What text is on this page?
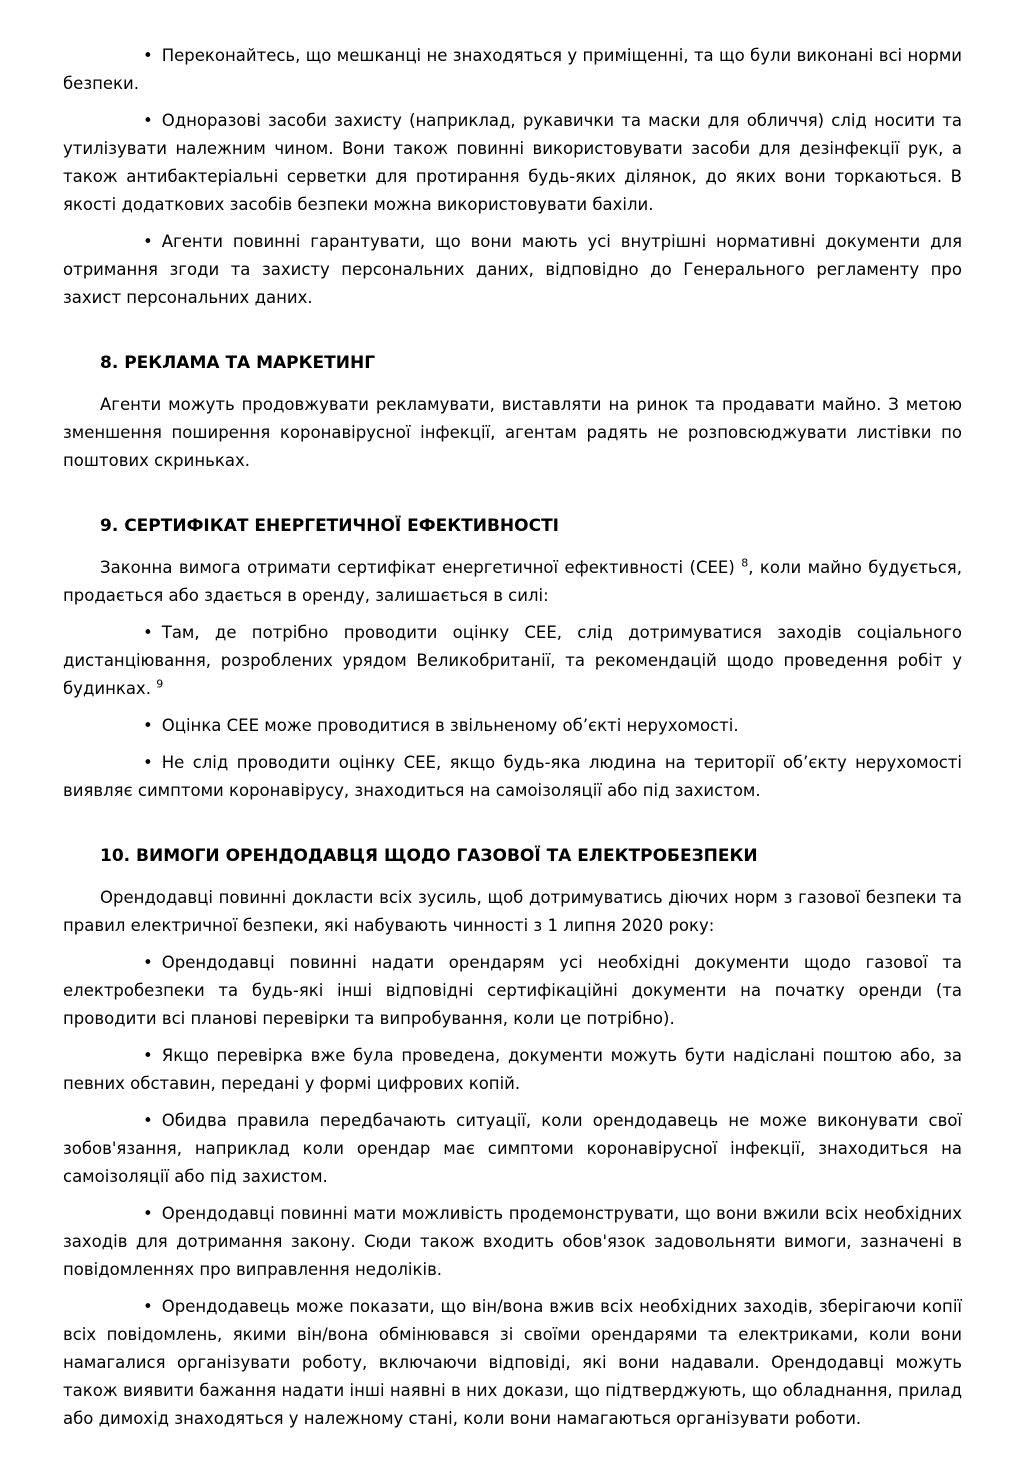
• Переконайтесь, що мешканці не знаходяться у приміщенні, та що були виконані всі норми безпеки.

• Одноразові засоби захисту (наприклад, рукавички та маски для обличчя) слід носити та утилізувати належним чином. Вони також повинні використовувати засоби для дезінфекції рук, а також антибактеріальні серветки для протирання будь-яких ділянок, до яких вони торкаються. В якості додаткових засобів безпеки можна використовувати бахіли.

• Агенти повинні гарантувати, що вони мають усі внутрішні нормативні документи для отримання згоди та захисту персональних даних, відповідно до Генерального регламенту про захист персональних даних.

8. РЕКЛАМА ТА МАРКЕТИНГ

Агенти можуть продовжувати рекламувати, виставляти на ринок та продавати майно. З метою зменшення поширення коронавірусної інфекції, агентам радять не розповсюджувати листівки по поштових скриньках.

9. СЕРТИФІКАТ ЕНЕРГЕТИЧНОЇ ЕФЕКТИВНОСТІ

Законна вимога отримати сертифікат енергетичної ефективності (СЕЕ) $^8$, коли майно будується, продається або здається в оренду, залишається в силі:

• Там, де потрібно проводити оцінку СЕЕ, слід дотримуватися заходів соціального дистанціювання, розроблених урядом Великобританії, та рекомендацій щодо проведення робіт у будинках. $^9$

• Оцінка СЕЕ може проводитися в звільненому об’єкті нерухомості.

• Не слід проводити оцінку СЕЕ, якщо будь-яка людина на території об’єкту нерухомості виявляє симптоми коронавірусу, знаходиться на самоізоляції або під захистом.

10. ВИМОГИ ОРЕНДОДАВЦЯ ЩОДО ГАЗОВОЇ ТА ЕЛЕКТРОБЕЗПЕКИ

Орендодавці повинні докласти всіх зусиль, щоб дотримуватись діючих норм з газової безпеки та правил електричної безпеки, які набувають чинності з 1 липня 2020 року:

• Орендодавці повинні надати орендарям усі необхідні документи щодо газової та електробезпеки та будь-які інші відповідні сертифікаційні документи на початку оренди (та проводити всі планові перевірки та випробування, коли це потрібно).

• Якщо перевірка вже була проведена, документи можуть бути надіслані поштою або, за певних обставин, передані у формі цифрових копій.

• Обидва правила передбачають ситуації, коли орендодавець не може виконувати свої зобов'язання, наприклад коли орендар має симптоми коронавірусної інфекції, знаходиться на самоізоляції або під захистом.

• Орендодавці повинні мати можливість продемонструвати, що вони вжили всіх необхідних заходів для дотримання закону. Сюди також входить обов'язок задовольняти вимоги, зазначені в повідомленнях про виправлення недоліків.

• Орендодавець може показати, що він/вона вжив всіх необхідних заходів, зберігаючи копії всіх повідомлень, якими він/вона обмінювався зі своїми орендарями та електриками, коли вони намагалися організувати роботу, включаючи відповіді, які вони надавали. Орендодавці можуть також виявити бажання надати інші наявні в них докази, що підтверджують, що обладнання, прилад або димохід знаходяться у належному стані, коли вони намагаються організувати роботи.
